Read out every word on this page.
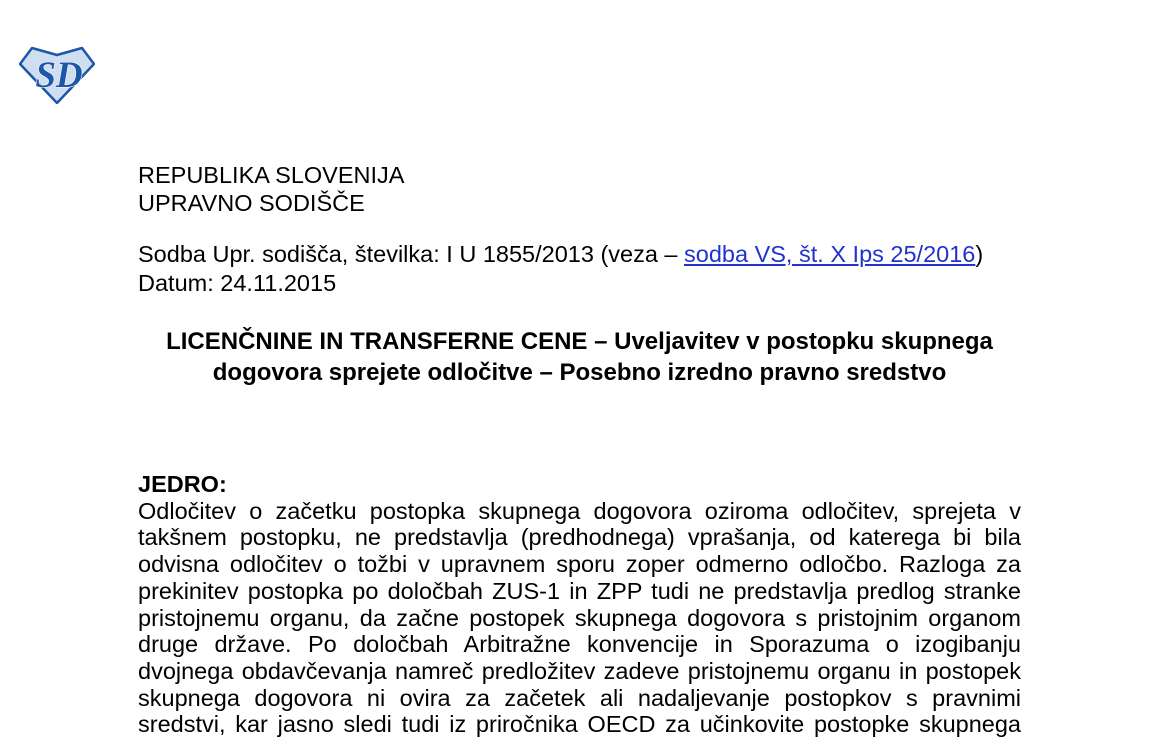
SD
REPUBLIKA SLOVENIJA
UPRAVNO SODIŠČE
Sodba Upr. sodišča, številka: I U 1855/2013 (veza – sodba VS, št. X Ips 25/2016)
Datum: 24.11.2015
LICENČNINE IN TRANSFERNE CENE – Uveljavitev v postopku skupnega dogovora sprejete odločitve – Posebno izredno pravno sredstvo
JEDRO:
Odločitev o začetku postopka skupnega dogovora oziroma odločitev, sprejeta v takšnem postopku, ne predstavlja (predhodnega) vprašanja, od katerega bi bila odvisna odločitev o tožbi v upravnem sporu zoper odmerno odločbo. Razloga za prekinitev postopka po določbah ZUS-1 in ZPP tudi ne predstavlja predlog stranke pristojnemu organu, da začne postopek skupnega dogovora s pristojnim organom druge države. Po določbah Arbitražne konvencije in Sporazuma o izogibanju dvojnega obdavčevanja namreč predložitev zadeve pristojnemu organu in postopek skupnega dogovora ni ovira za začetek ali nadaljevanje postopkov s pravnimi sredstvi, kar jasno sledi tudi iz priročnika OECD za učinkovite postopke skupnega
